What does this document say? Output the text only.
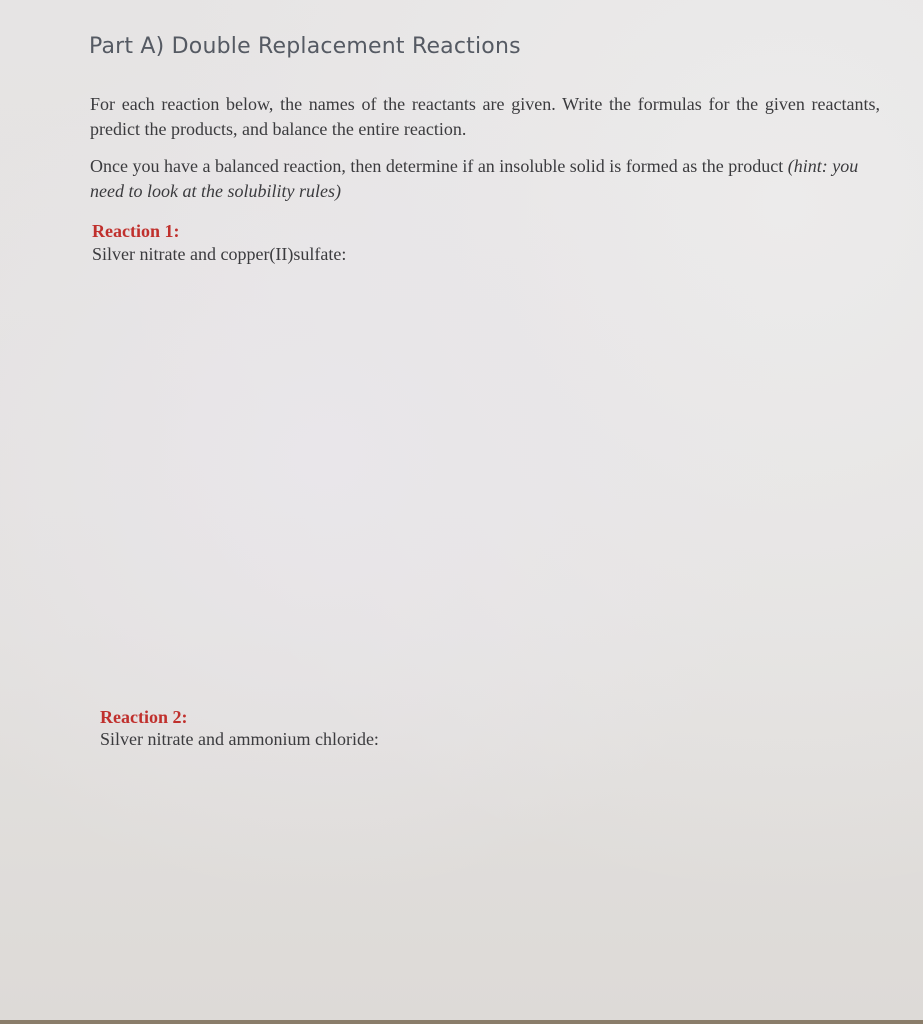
Part A) Double Replacement Reactions
For each reaction below, the names of the reactants are given. Write the formulas for the given reactants, predict the products, and balance the entire reaction.
Once you have a balanced reaction, then determine if an insoluble solid is formed as the product (hint: you need to look at the solubility rules)
Reaction 1:
Silver nitrate and copper(II)sulfate:
Reaction 2:
Silver nitrate and ammonium chloride:
